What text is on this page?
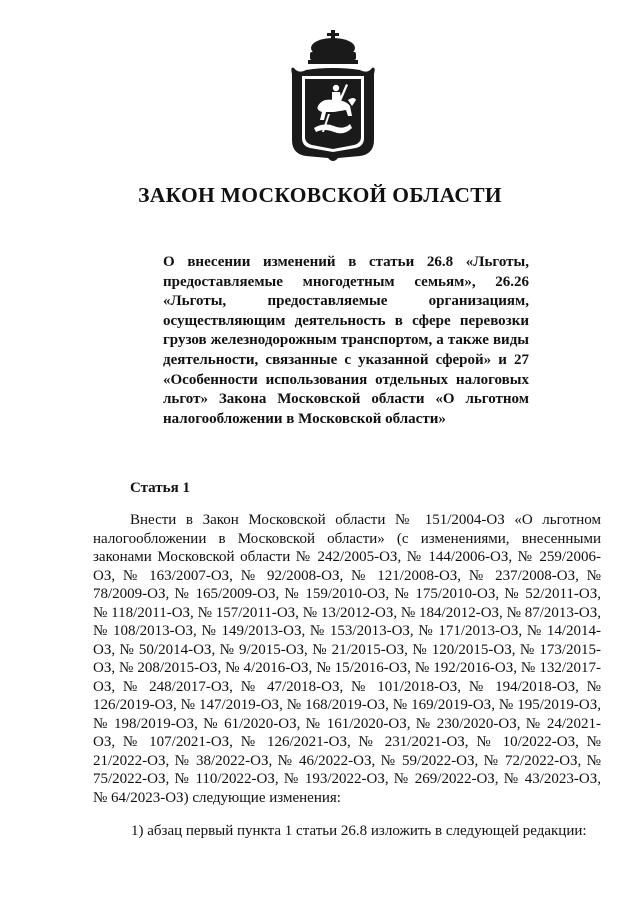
ЗАКОН МОСКОВСКОЙ ОБЛАСТИ
О внесении изменений в статьи 26.8 «Льготы, предоставляемые многодетным семьям», 26.26 «Льготы, предоставляемые организациям, осуществляющим деятельность в сфере перевозки грузов железнодорожным транспортом, а также виды деятельности, связанные с указанной сферой» и 27 «Особенности использования отдельных налоговых льгот» Закона Московской области «О льготном налогообложении в Московской области»
Статья 1

Внести в Закон Московской области № 151/2004-ОЗ «О льготном налогообложении в Московской области» (с изменениями, внесенными законами Московской области № 242/2005-ОЗ, № 144/2006-ОЗ, № 259/2006-ОЗ, № 163/2007-ОЗ, № 92/2008-ОЗ, № 121/2008-ОЗ, № 237/2008-ОЗ, № 78/2009-ОЗ, № 165/2009-ОЗ, № 159/2010-ОЗ, № 175/2010-ОЗ, № 52/2011-ОЗ, № 118/2011-ОЗ, № 157/2011-ОЗ, № 13/2012-ОЗ, № 184/2012-ОЗ, № 87/2013-ОЗ, № 108/2013-ОЗ, № 149/2013-ОЗ, № 153/2013-ОЗ, № 171/2013-ОЗ, № 14/2014-ОЗ, № 50/2014-ОЗ, № 9/2015-ОЗ, № 21/2015-ОЗ, № 120/2015-ОЗ, № 173/2015-ОЗ, № 208/2015-ОЗ, № 4/2016-ОЗ, № 15/2016-ОЗ, № 192/2016-ОЗ, № 132/2017-ОЗ, № 248/2017-ОЗ, № 47/2018-ОЗ, № 101/2018-ОЗ, № 194/2018-ОЗ, № 126/2019-ОЗ, № 147/2019-ОЗ, № 168/2019-ОЗ, № 169/2019-ОЗ, № 195/2019-ОЗ, № 198/2019-ОЗ, № 61/2020-ОЗ, № 161/2020-ОЗ, № 230/2020-ОЗ, № 24/2021-ОЗ, № 107/2021-ОЗ, № 126/2021-ОЗ, № 231/2021-ОЗ, № 10/2022-ОЗ, № 21/2022-ОЗ, № 38/2022-ОЗ, № 46/2022-ОЗ, № 59/2022-ОЗ, № 72/2022-ОЗ, № 75/2022-ОЗ, № 110/2022-ОЗ, № 193/2022-ОЗ, № 269/2022-ОЗ, № 43/2023-ОЗ, № 64/2023-ОЗ) следующие изменения:

1) абзац первый пункта 1 статьи 26.8 изложить в следующей редакции:
